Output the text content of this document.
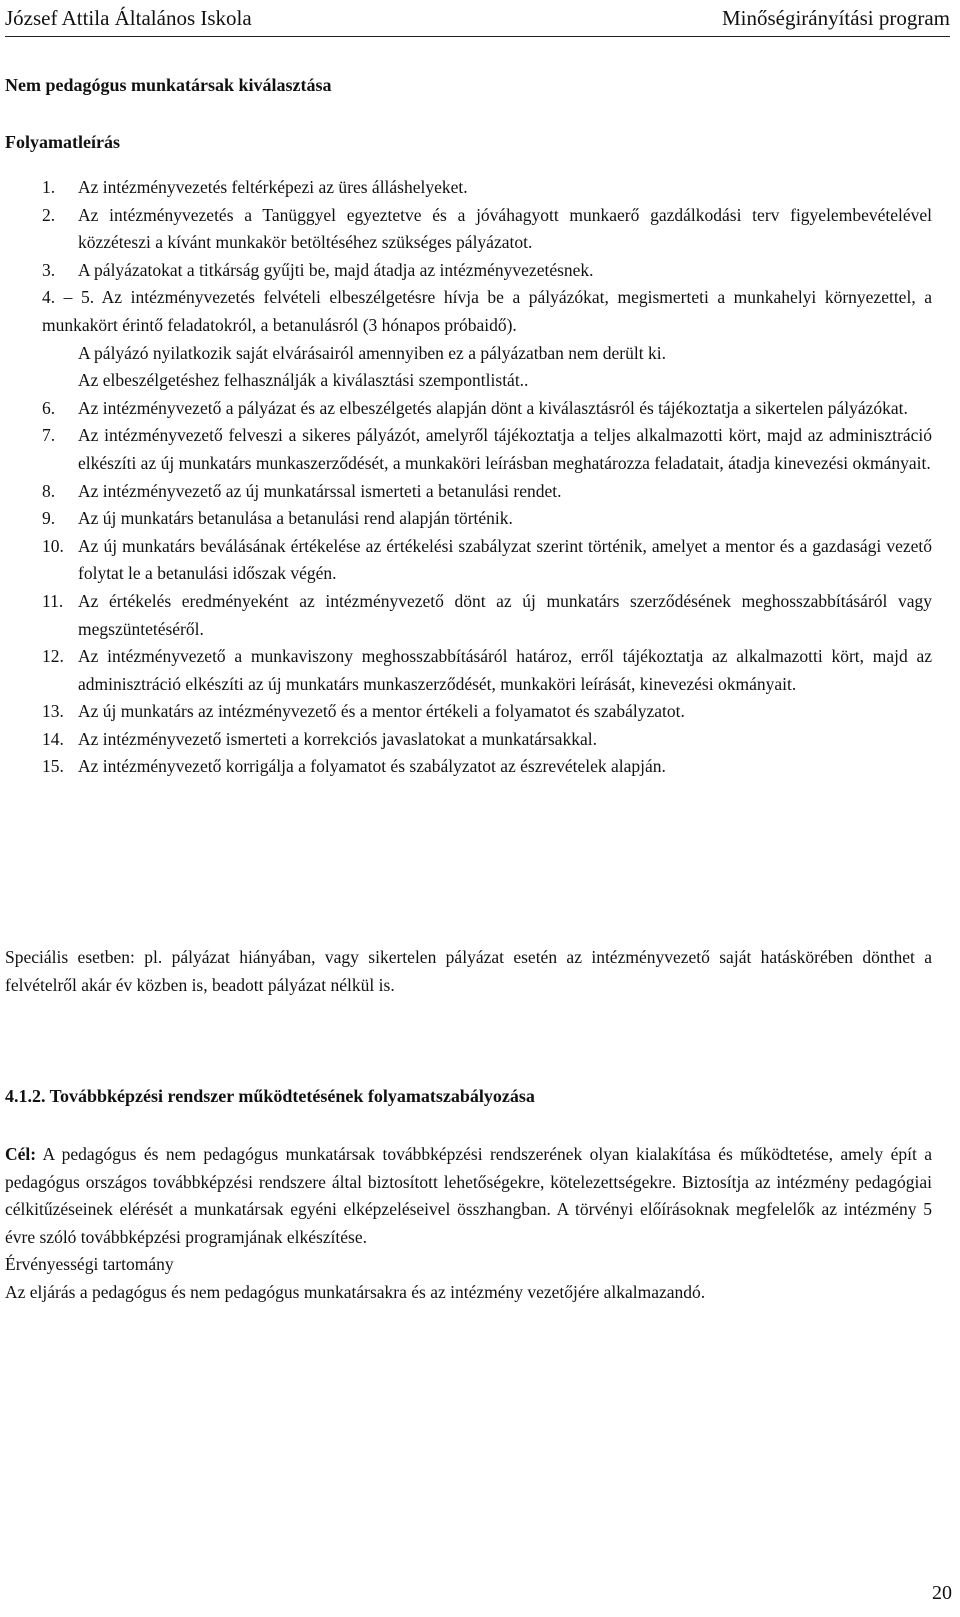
József Attila Általános Iskola	Minőségirányítási program
Nem pedagógus munkatársak kiválasztása
Folyamatleírás
1. Az intézményvezetés feltérképezi az üres álláshelyeket.
2. Az intézményvezetés a Tanüggyel egyeztetve és a jóváhagyott munkaerő gazdálkodási terv figyelembevételével közzéteszi a kívánt munkakör betöltéséhez szükséges pályázatot.
3. A pályázatokat a titkárság gyűjti be, majd átadja az intézményvezetésnek.
4. – 5. Az intézményvezetés felvételi elbeszélgetésre hívja be a pályázókat, megismerteti a munkahelyi környezettel, a munkakört érintő feladatokról, a betanulásról (3 hónapos próbaidő).
A pályázó nyilatkozik saját elvárásairól amennyiben ez a pályázatban nem derült ki.
Az elbeszélgetéshez felhasználják a kiválasztási szempontlistát..
6. Az intézményvezető a pályázat és az elbeszélgetés alapján dönt a kiválasztásról és tájékoztatja a sikertelen pályázókat.
7. Az intézményvezető felveszi a sikeres pályázót, amelyről tájékoztatja a teljes alkalmazotti kört, majd az adminisztráció elkészíti az új munkatárs munkaszerződését, a munkaköri leírásban meghatározza feladatait, átadja kinevezési okmányait.
8. Az intézményvezető az új munkatárssal ismerteti a betanulási rendet.
9. Az új munkatárs betanulása a betanulási rend alapján történik.
10. Az új munkatárs beválásának értékelése az értékelési szabályzat szerint történik, amelyet a mentor és a gazdasági vezető folytat le a betanulási időszak végén.
11. Az értékelés eredményeként az intézményvezető dönt az új munkatárs szerződésének meghosszabbításáról vagy megszüntetéséről.
12. Az intézményvezető a munkaviszony meghosszabbításáról határoz, erről tájékoztatja az alkalmazotti kört, majd az adminisztráció elkészíti az új munkatárs munkaszerződését, munkaköri leírását, kinevezési okmányait.
13. Az új munkatárs az intézményvezető és a mentor értékeli a folyamatot és szabályzatot.
14. Az intézményvezető ismerteti a korrekciós javaslatokat a munkatársakkal.
15. Az intézményvezető korrigálja a folyamatot és szabályzatot az észrevételek alapján.

Speciális esetben: pl. pályázat hiányában, vagy sikertelen pályázat esetén az intézményvezető saját hatáskörében dönthet a felvételről akár év közben is, beadott pályázat nélkül is.

4.1.2. Továbbképzési rendszer működtetésének folyamatszabályozása

Cél: A pedagógus és nem pedagógus munkatársak továbbképzési rendszerének olyan kialakítása és működtetése, amely épít a pedagógus országos továbbképzési rendszere által biztosított lehetőségekre, kötelezettségekre. Biztosítja az intézmény pedagógiai célkitűzéseinek elérését a munkatársak egyéni elképzeléseivel összhangban. A törvényi előírásoknak megfelelők az intézmény 5 évre szóló továbbképzési programjának elkészítése.

Érvényességi tartomány

Az eljárás a pedagógus és nem pedagógus munkatársakra és az intézmény vezetőjére alkalmazandó.

20
